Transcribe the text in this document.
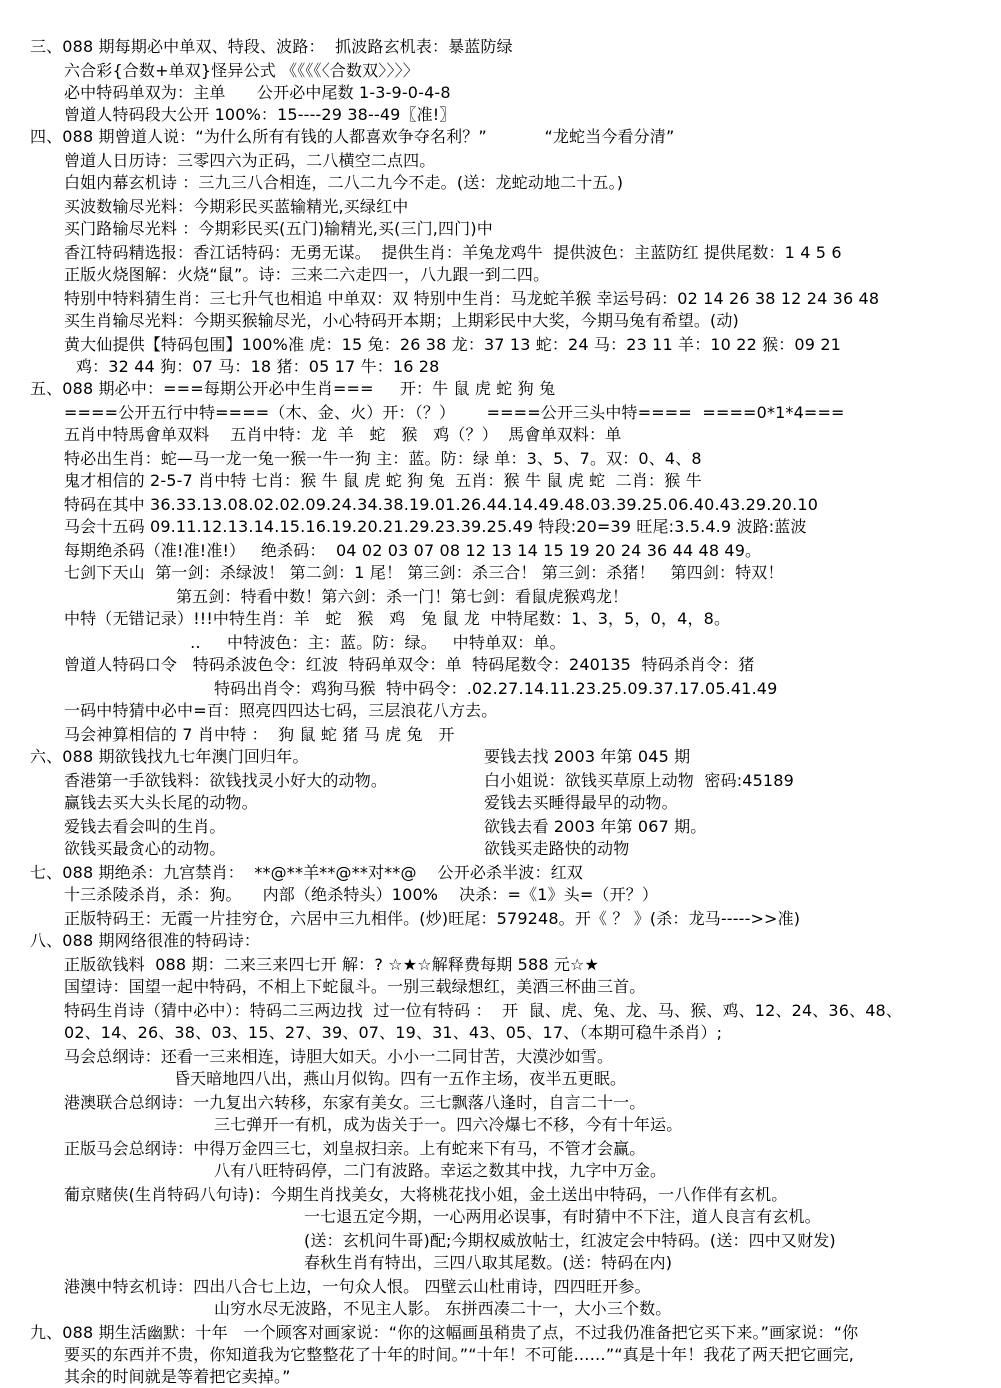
三、088 期每期必中单双、特段、波路：  抓波路玄机表：暴蓝防绿
六合彩{合数+单双}怪异公式 《《《《〈合数双〉〉〉〉
必中特码单双为：主单      公开必中尾数 1-3-9-0-4-8
曾道人特码段大公开 100%：15----29 38--49〖准!〗
四、088 期曾道人说：“为什么所有有钱的人都喜欢争夺名利？”           “龙蛇当今看分清”
曾道人日历诗：三零四六为正码，二八横空二点四。
白姐内幕玄机诗 ：三九三八合相连，二八二九今不走。(送：龙蛇动地二十五。)
买波数输尽光料：今期彩民买蓝输精光,买绿红中
买门路输尽光料 ：今期彩民买(五门)输精光,买(三门,四门)中
香江特码精选报：香江话特码：无勇无谋。  提供生肖：羊兔龙鸡牛  提供波色：主蓝防红 提供尾数：1 4 5 6
正版火烧图解：火烧“鼠”。诗：三来二六走四一，八九跟一到二四。
特别中特料猜生肖：三七升气也相追 中单双：双 特别中生肖：马龙蛇羊猴 幸运号码：02 14 26 38 12 24 36 48
买生肖输尽光料：今期买猴输尽光，小心特码开本期；上期彩民中大奖，今期马兔有希望。(动)
黄大仙提供【特码包围】100%准 虎：15 兔：26 38 龙：37 13 蛇：24 马：23 11 羊：10 22 猴：09 21
鸡：32 44 狗：07 马：18 猪：05 17 牛：16 28
五、088 期必中：===每期公开必中生肖===     开：牛 鼠 虎 蛇 狗 兔
====公开五行中特====（木、金、火）开：（？）      ====公开三头中特====  ====0*1*4===
五肖中特馬會单双料    五肖中特：龙  羊   蛇   猴   鸡（？）  馬會单双料：单
特必出生肖：蛇—马一龙一兔一猴一牛一狗 主：蓝。防：绿 单：3、5、7。双：0、4、8
鬼才相信的 2-5-7 肖中特 七肖：猴 牛 鼠 虎 蛇 狗 兔  五肖：猴 牛 鼠 虎 蛇  二肖：猴 牛
特码在其中 36.33.13.08.02.02.09.24.34.38.19.01.26.44.14.49.48.03.39.25.06.40.43.29.20.10
马会十五码 09.11.12.13.14.15.16.19.20.21.29.23.39.25.49 特段:20=39 旺尾:3.5.4.9 波路:蓝波
每期绝杀码（准!准!准!）   绝杀码：  04 02 03 07 08 12 13 14 15 19 20 24 36 44 48 49。
七剑下天山  第一剑：杀绿波！ 第二剑：1 尾！ 第三剑：杀三合！ 第三剑：杀猪！   第四剑：特双！
第五剑：特看中数！第六剑：杀一门！第七剑：看鼠虎猴鸡龙！
中特（无错记录）!!!中特生肖：羊   蛇   猴   鸡   兔 鼠 龙  中特尾数：1、3，5，0，4，8。
‥     中特波色：主：蓝。防：绿。   中特单双：单。
曾道人特码口令   特码杀波色令：红波  特码单双令：单  特码尾数令：240135  特码杀肖令：猪
特码出肖令：鸡狗马猴  特中码令：.02.27.14.11.23.25.09.37.17.05.41.49
一码中特猜中必中=百：照亮四四达七码，三层浪花八方去。
马会神算相信的 7 肖中特 ：  狗 鼠 蛇 猪 马 虎 兔   开
六、088 期欲钱找九七年澳门回归年。	要钱去找 2003 年第 045 期
香港第一手欲钱料：欲钱找灵小好大的动物。	白小姐说：欲钱买草原上动物  密码:45189
赢钱去买大头长尾的动物。	爱钱去买睡得最早的动物。
爱钱去看会叫的生肖。	欲钱去看 2003 年第 067 期。
欲钱买最贪心的动物。	欲钱买走路快的动物
七、088 期绝杀：九宫禁肖：  **@**羊**@**对**@    公开必杀半波：红双
十三杀陵杀肖，杀：狗。    内部（绝杀特头）100%    决杀：=《1》头=（开？）
正版特码王：无霞一片挂穷仓，六居中三九相伴。(炒)旺尾：579248。开《 ？ 》(杀：龙马----->>准)
八、088 期网络很准的特码诗：
正版欲钱料  088 期：二来三来四七开 解：? ☆★☆解释费每期 588 元☆★
国望诗：国望一起中特码，不相上下蛇鼠斗。一别三载绿想红，美酒三杯曲三首。
特码生肖诗（猜中必中）：特码二三两边找  过一位有特码 ：  开  鼠、虎、兔、龙、马、猴、鸡、12、24、36、48、
02、14、26、38、03、15、27、39、07、19、31、43、05、17、（本期可稳牛杀肖）;
马会总纲诗：还看一三来相连，诗胆大如天。小小一二同甘苦，大漠沙如雪。
昏天暗地四八出，燕山月似钩。四有一五作主场，夜半五更眠。
港澳联合总纲诗：一九复出六转移，东家有美女。三七飘落八逢时，自言二十一。
三七弹开一有机，成为齿关于一。四六冷爆七不移，今有十年运。
正版马会总纲诗：中得万金四三七，刘皇叔扫亲。上有蛇来下有马，不管才会赢。
八有八旺特码停，二门有波路。幸运之数其中找，九字中万金。
葡京赌侠(生肖特码八句诗)：今期生肖找美女，大将桃花找小姐，金土送出中特码，一八作伴有玄机。
一七退五定今期，一心两用必误事，有时猜中不下注，道人良言有玄机。
(送：玄机问牛哥)配;今期权威放帖士，红波定会中特码。(送：四中又财发)
春秋生肖有特出，三四八取其尾数。(送：特码在内)
港澳中特玄机诗：四出八合七上边，一句众人恨。 四壁云山杜甫诗，四四旺开参。
山穷水尽无波路，不见主人影。 东拼西凑二十一，大小三个数。
九、088 期生活幽默：十年   一个顾客对画家说：“你的这幅画虽稍贵了点，不过我仍准备把它买下来。”画家说：“你
要买的东西并不贵，你知道我为它整整花了十年的时间。”“十年！不可能……”“真是十年！我花了两天把它画完,
其余的时间就是等着把它卖掉。”
